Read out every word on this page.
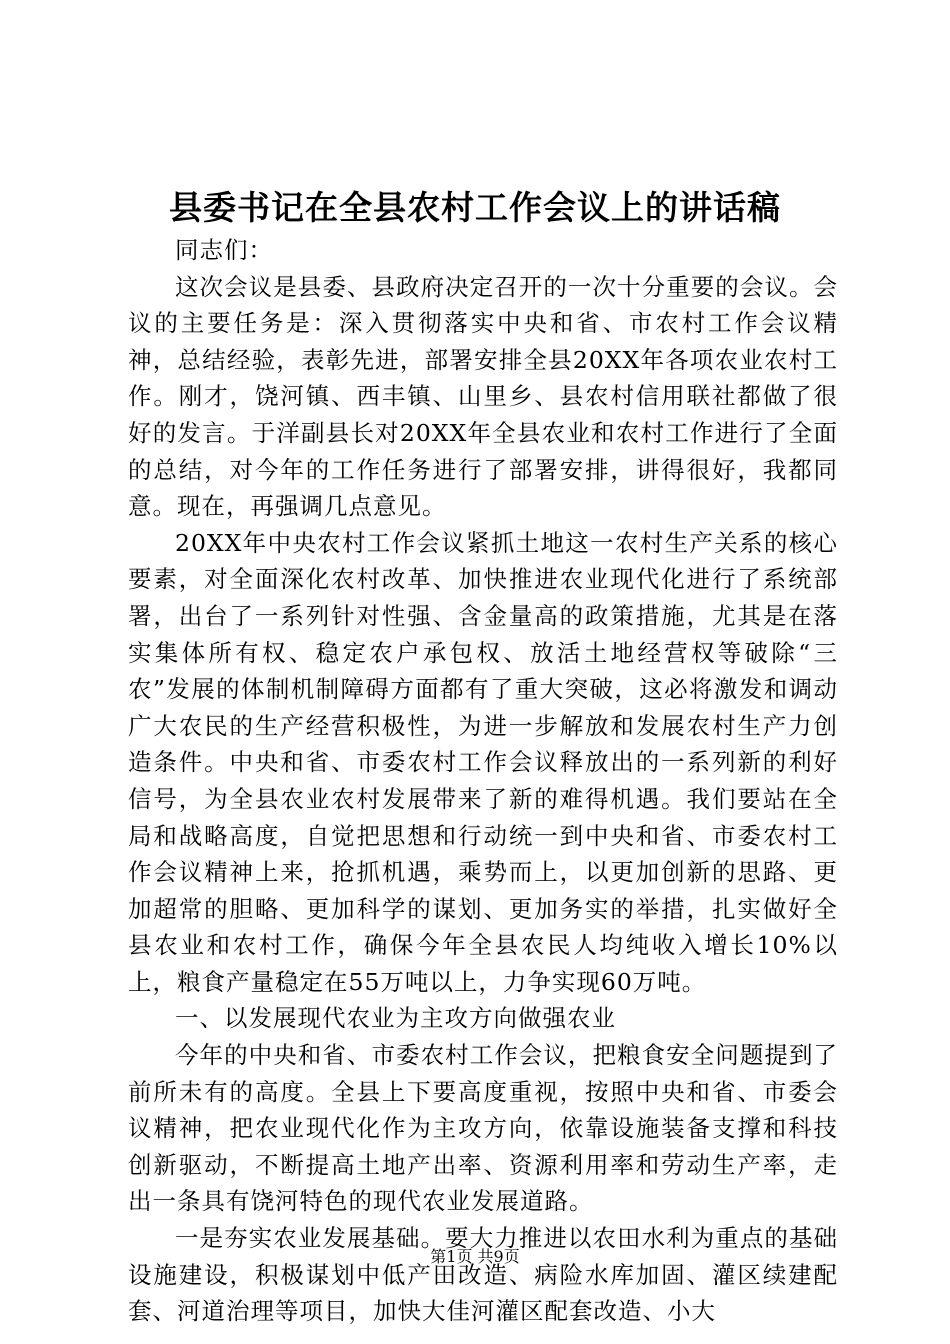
县委书记在全县农村工作会议上的讲话稿

同志们：

这次会议是县委、县政府决定召开的一次十分重要的会议。会议的主要任务是：深入贯彻落实中央和省、市农村工作会议精神，总结经验，表彰先进，部署安排全县20XX年各项农业农村工作。刚才，饶河镇、西丰镇、山里乡、县农村信用联社都做了很好的发言。于洋副县长对20XX年全县农业和农村工作进行了全面的总结，对今年的工作任务进行了部署安排，讲得很好，我都同意。现在，再强调几点意见。

20XX年中央农村工作会议紧抓土地这一农村生产关系的核心要素，对全面深化农村改革、加快推进农业现代化进行了系统部署，出台了一系列针对性强、含金量高的政策措施，尤其是在落实集体所有权、稳定农户承包权、放活土地经营权等破除“三农”发展的体制机制障碍方面都有了重大突破，这必将激发和调动广大农民的生产经营积极性，为进一步解放和发展农村生产力创造条件。中央和省、市委农村工作会议释放出的一系列新的利好信号，为全县农业农村发展带来了新的难得机遇。我们要站在全局和战略高度，自觉把思想和行动统一到中央和省、市委农村工作会议精神上来，抢抓机遇，乘势而上，以更加创新的思路、更加超常的胆略、更加科学的谋划、更加务实的举措，扎实做好全县农业和农村工作，确保今年全县农民人均纯收入增长10%以上，粮食产量稳定在55万吨以上，力争实现60万吨。

一、以发展现代农业为主攻方向做强农业

今年的中央和省、市委农村工作会议，把粮食安全问题提到了前所未有的高度。全县上下要高度重视，按照中央和省、市委会议精神，把农业现代化作为主攻方向，依靠设施装备支撑和科技创新驱动，不断提高土地产出率、资源利用率和劳动生产率，走出一条具有饶河特色的现代农业发展道路。

一是夯实农业发展基础。要大力推进以农田水利为重点的基础设施建设，积极谋划中低产田改造、病险水库加固、灌区续建配套、河道治理等项目，加快大佳河灌区配套改造、小大

第1页 共9页
